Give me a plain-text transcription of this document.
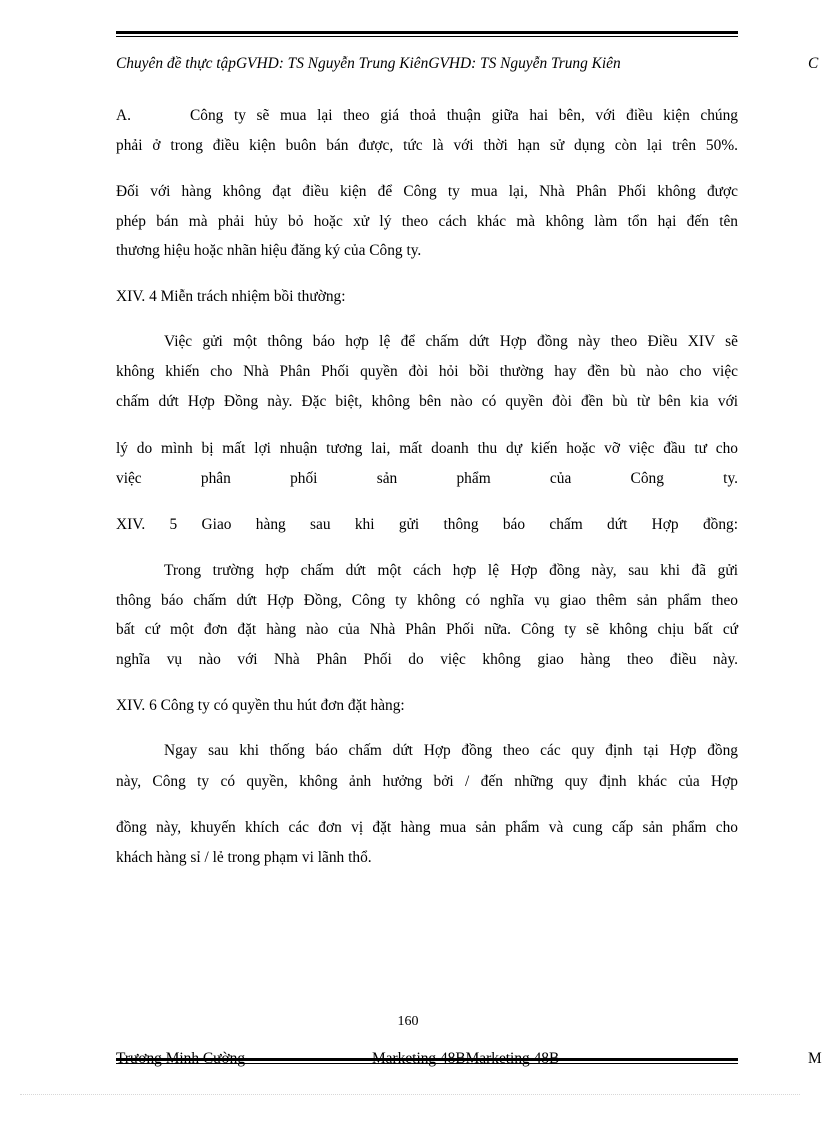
Chuyên đề thực tậpGVHD: TS Nguyễn Trung KiênGVHD: TS Nguyễn Trung Kiên	C
A.	Công ty sẽ mua lại theo giá thoả thuận giữa hai bên, với điều kiện chúng
phải ở trong điều kiện buôn bán được, tức là với thời hạn sử dụng còn lại trên 50%.
Đối với hàng không đạt điều kiện để Công ty mua lại, Nhà Phân Phối không được
phép bán mà phải hủy bỏ hoặc xử lý theo cách khác mà không làm tổn hại đến tên
thương hiệu hoặc nhãn hiệu đăng ký của Công ty.
XIV. 4 Miễn trách nhiệm bồi thường:
Việc gửi một thông báo hợp lệ để chấm dứt Hợp đồng này theo Điều XIV sẽ
không khiến cho Nhà Phân Phối quyền đòi hỏi bồi thường hay đền bù nào cho việc
chấm dứt Hợp Đồng này. Đặc biệt, không bên nào có quyền đòi đền bù từ bên kia với
lý do mình bị mất lợi nhuận tương lai, mất doanh thu dự kiến hoặc vỡ việc đầu tư cho
việc phân phối sản phẩm của Công ty.
XIV. 5 Giao hàng sau khi gửi thông báo chấm dứt Hợp đồng:
Trong trường hợp chấm dứt một cách hợp lệ Hợp đồng này, sau khi đã gửi
thông báo chấm dứt Hợp Đồng, Công ty không có nghĩa vụ giao thêm sản phẩm theo
bất cứ một đơn đặt hàng nào của Nhà Phân Phối nữa. Công ty sẽ không chịu bất cứ
nghĩa vụ nào với Nhà Phân Phối do việc không giao hàng theo điều này.
XIV. 6 Công ty có quyền thu hút đơn đặt hàng:
Ngay sau khi thống báo chấm dứt Hợp đồng theo các quy định tại Hợp đồng
này, Công ty có quyền, không ảnh hưởng bởi / đến những quy định khác của Hợp
đồng này, khuyến khích các đơn vị đặt hàng mua sản phẩm và cung cấp sản phẩm cho
khách hàng sỉ / lẻ trong phạm vi lãnh thổ.
160
Trương Minh Cường	Marketing 48BMarketing 48B	M
